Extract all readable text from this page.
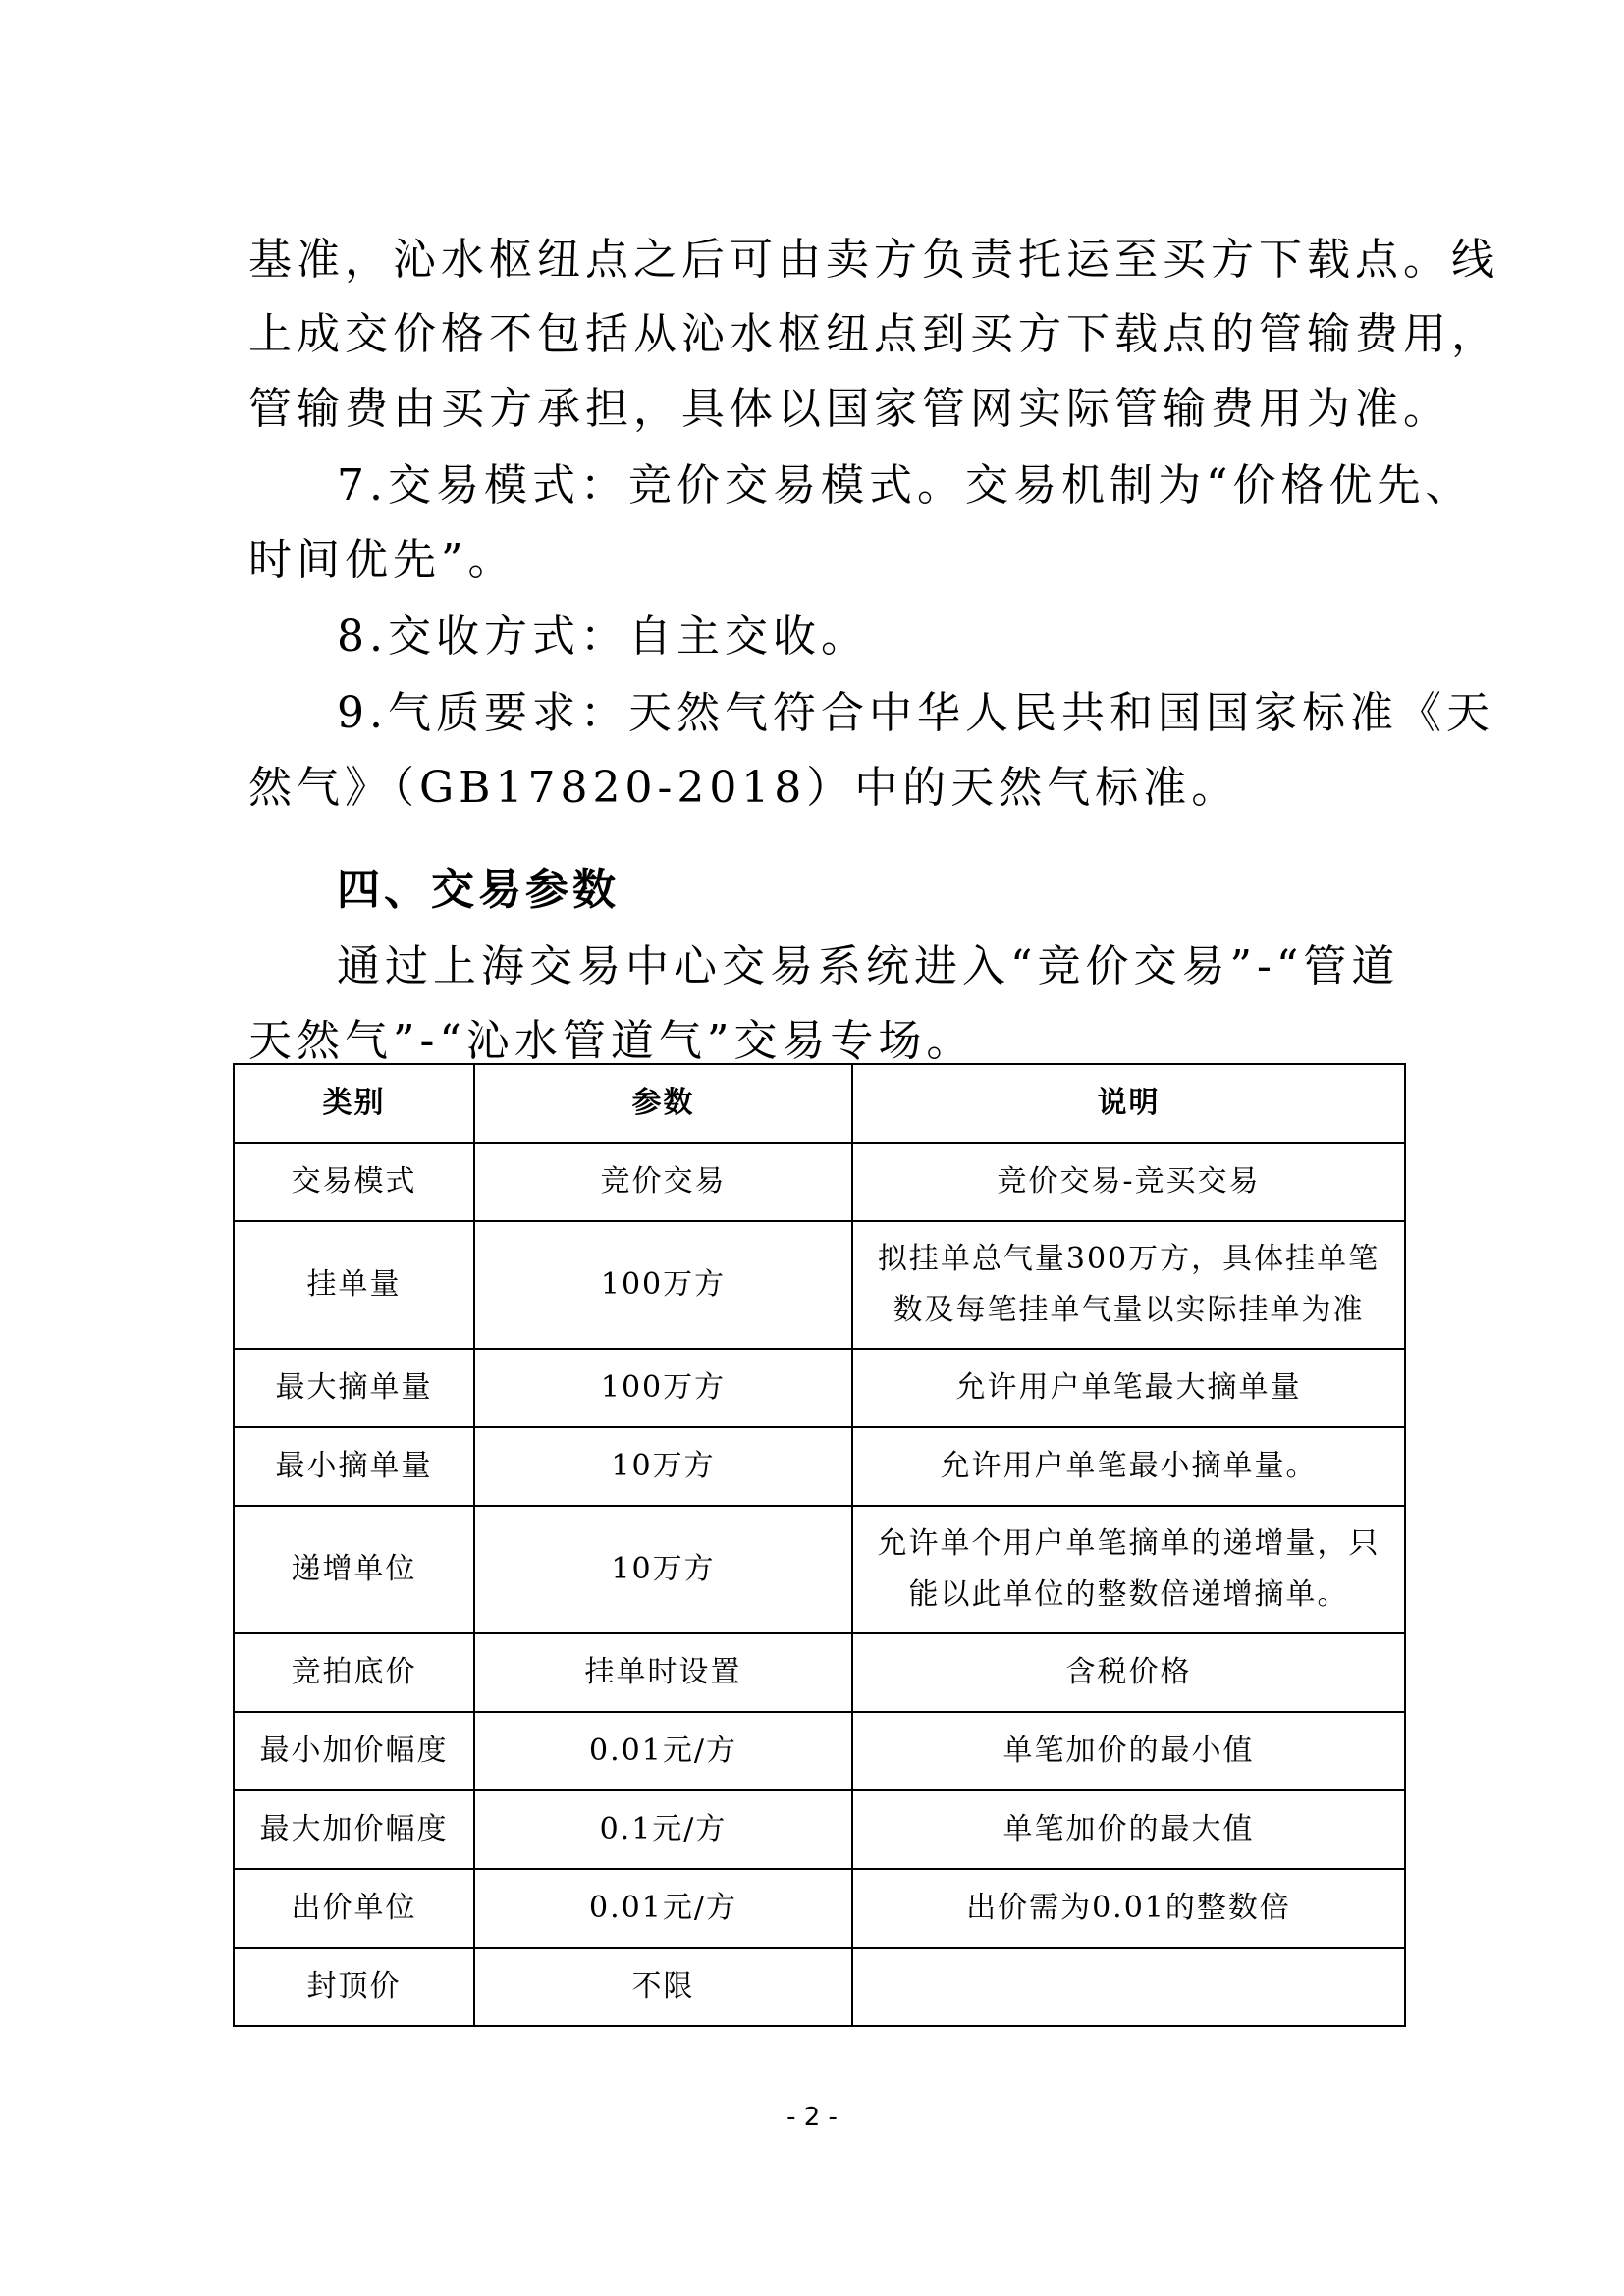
基准，沁水枢纽点之后可由卖方负责托运至买方下载点。线
上成交价格不包括从沁水枢纽点到买方下载点的管输费用，
管输费由买方承担，具体以国家管网实际管输费用为准。
7.交易模式：竞价交易模式。交易机制为“价格优先、
时间优先”。
8.交收方式：自主交收。
9.气质要求：天然气符合中华人民共和国国家标准《天
然气》（GB17820-2018）中的天然气标准。
四、交易参数
通过上海交易中心交易系统进入“竞价交易”-“管道
天然气”-“沁水管道气”交易专场。
类别	参数	说明
交易模式	竞价交易	竞价交易-竞买交易
挂单量	100万方	拟挂单总气量300万方，具体挂单笔
数及每笔挂单气量以实际挂单为准
最大摘单量	100万方	允许用户单笔最大摘单量
最小摘单量	10万方	允许用户单笔最小摘单量。
递增单位	10万方	允许单个用户单笔摘单的递增量，只
能以此单位的整数倍递增摘单。
竞拍底价	挂单时设置	含税价格
最小加价幅度	0.01元/方	单笔加价的最小值
最大加价幅度	0.1元/方	单笔加价的最大值
出价单位	0.01元/方	出价需为0.01的整数倍
封顶价	不限	
- 2 -
